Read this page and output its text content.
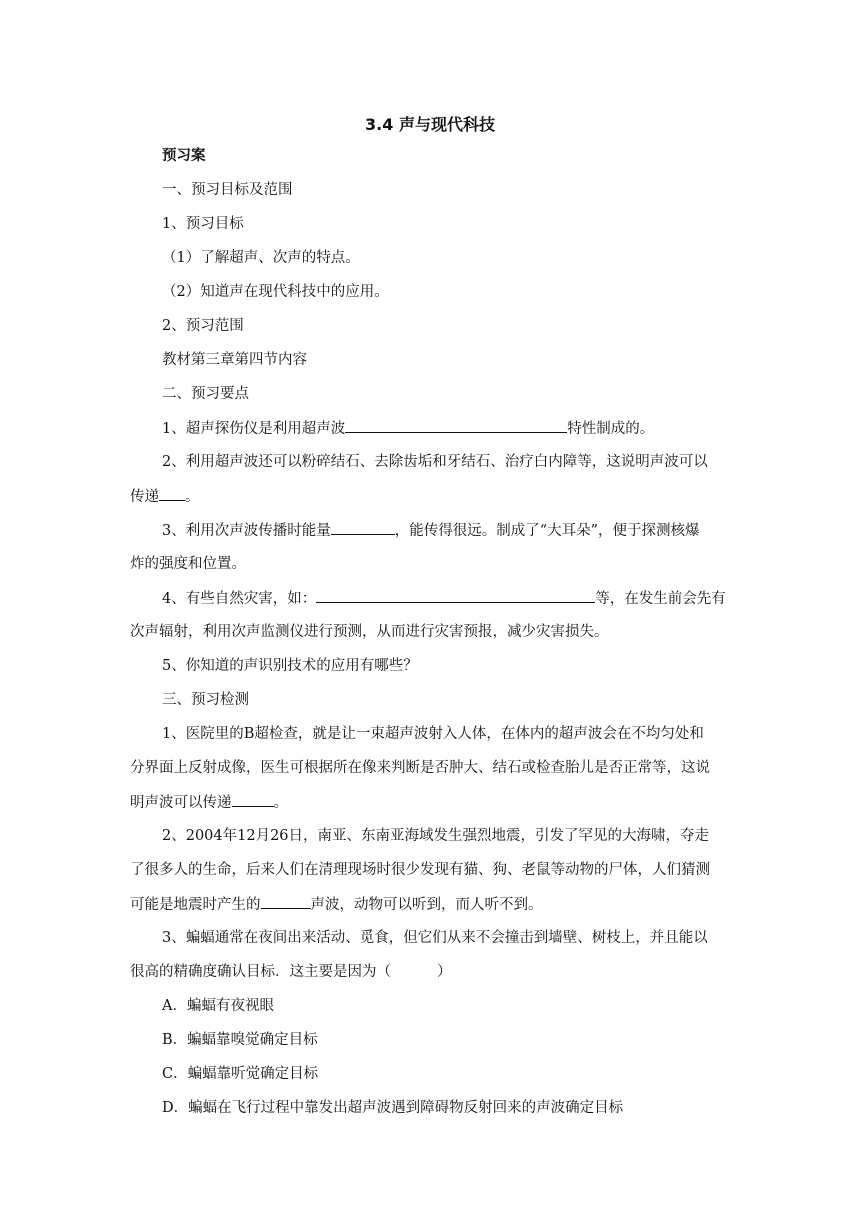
3.4 声与现代科技
预习案
一、预习目标及范围
1、预习目标
（1）了解超声、次声的特点。
（2）知道声在现代科技中的应用。
2、预习范围
教材第三章第四节内容
二、预习要点
1、超声探伤仪是利用超声波	特性制成的。
2、利用超声波还可以粉碎结石、去除齿垢和牙结石、治疗白内障等，这说明声波可以
传递 。
3、利用次声波传播时能量	，能传得很远。制成了“大耳朵”，便于探测核爆
炸的强度和位置。
4、有些自然灾害，如：	等，在发生前会先有
次声辐射，利用次声监测仪进行预测，从而进行灾害预报，减少灾害损失。
5、你知道的声识别技术的应用有哪些？
三、预习检测
1、医院里的B超检查，就是让一束超声波射入人体，在体内的超声波会在不均匀处和
分界面上反射成像，医生可根据所在像来判断是否肿大、结石或检查胎儿是否正常等，这说
明声波可以传递	。
2、2004年12月26日，南亚、东南亚海域发生强烈地震，引发了罕见的大海啸，夺走
了很多人的生命，后来人们在清理现场时很少发现有猫、狗、老鼠等动物的尸体，人们猜测
可能是地震时产生的	声波，动物可以听到，而人听不到。
3、蝙蝠通常在夜间出来活动、觅食，但它们从来不会撞击到墙壁、树枝上，并且能以
很高的精确度确认目标．这主要是因为（	）
A．蝙蝠有夜视眼
B．蝙蝠靠嗅觉确定目标
C．蝙蝠靠听觉确定目标
D．蝙蝠在飞行过程中靠发出超声波遇到障碍物反射回来的声波确定目标
